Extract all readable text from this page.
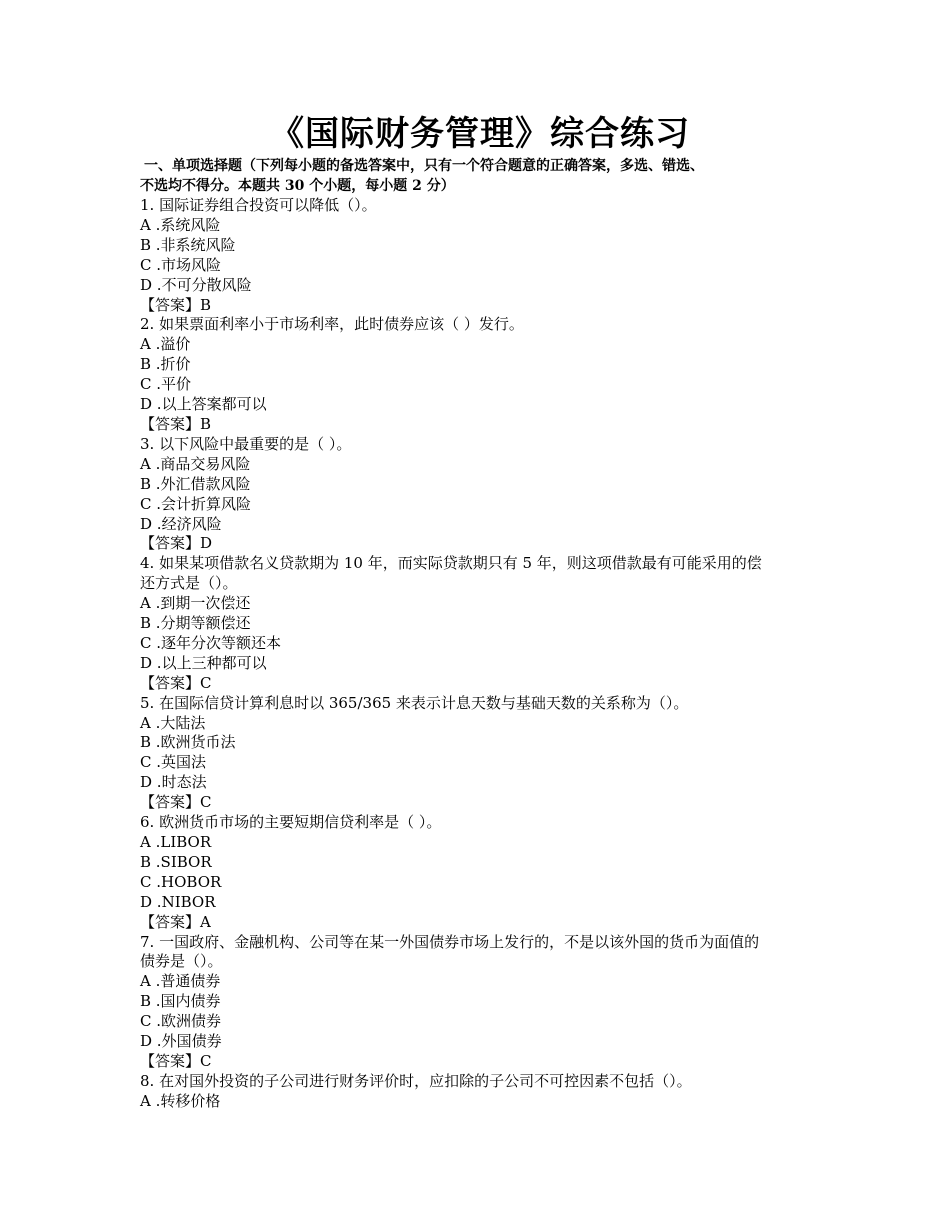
《国际财务管理》综合练习
一、单项选择题（下列每小题的备选答案中，只有一个符合题意的正确答案，多选、错选、
不选均不得分。本题共 30 个小题，每小题 2 分）
1. 国际证券组合投资可以降低（）。
A .系统风险
B .非系统风险
C .市场风险
D .不可分散风险
【答案】B
2. 如果票面利率小于市场利率，此时债券应该（ ）发行。
A .溢价
B .折价
C .平价
D .以上答案都可以
【答案】B
3. 以下风险中最重要的是（ ）。
A .商品交易风险
B .外汇借款风险
C .会计折算风险
D .经济风险
【答案】D
4. 如果某项借款名义贷款期为 10 年，而实际贷款期只有 5 年，则这项借款最有可能采用的偿
还方式是（）。
A .到期一次偿还
B .分期等额偿还
C .逐年分次等额还本
D .以上三种都可以
【答案】C
5. 在国际信贷计算利息时以 365/365 来表示计息天数与基础天数的关系称为（）。
A .大陆法
B .欧洲货币法
C .英国法
D .时态法
【答案】C
6. 欧洲货币市场的主要短期信贷利率是（ ）。
A .LIBOR
B .SIBOR
C .HOBOR
D .NIBOR
【答案】A
7. 一国政府、金融机构、公司等在某一外国债券市场上发行的，不是以该外国的货币为面值的
债券是（）。
A .普通债券
B .国内债券
C .欧洲债券
D .外国债券
【答案】C
8. 在对国外投资的子公司进行财务评价时，应扣除的子公司不可控因素不包括（）。
A .转移价格
